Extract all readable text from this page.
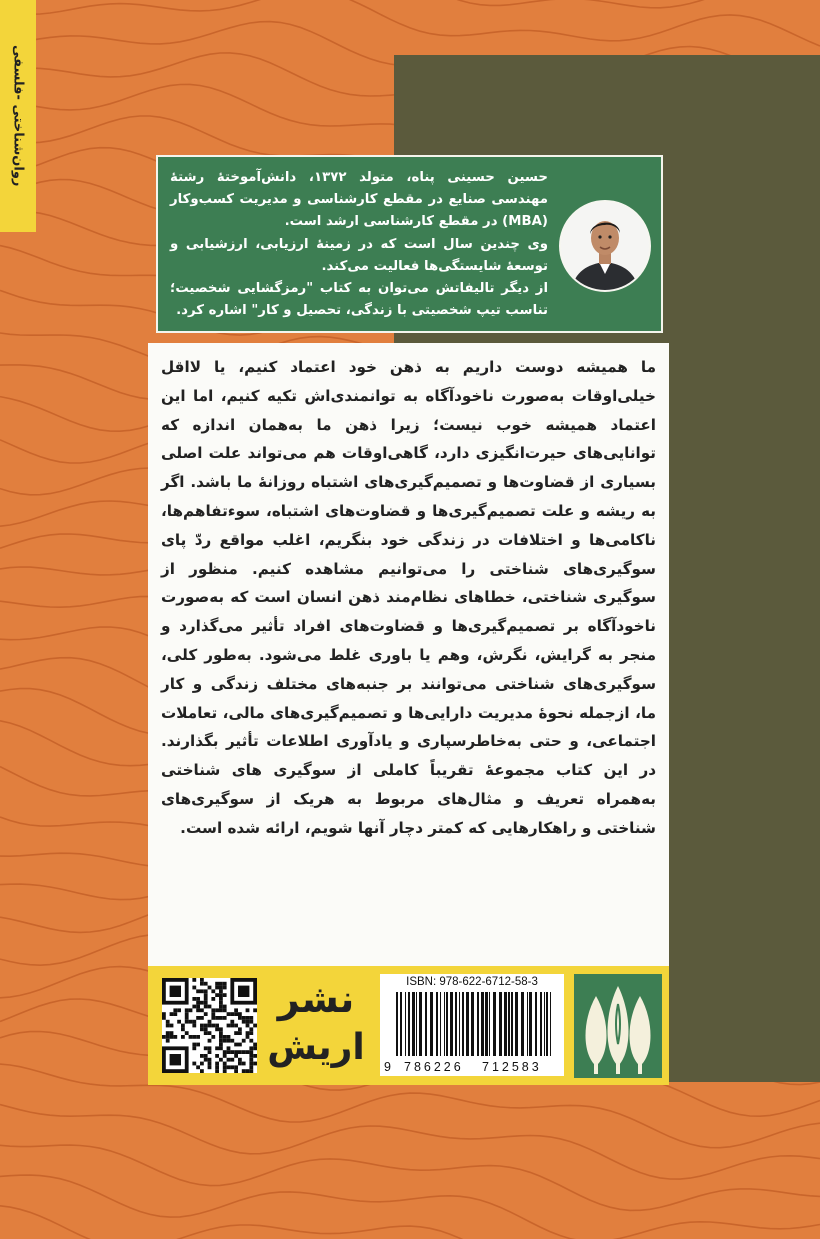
روان‌شناختی -فلسفی	حسین حسینی پناه، متولد ۱۳۷۲، دانش‌آموختهٔ رشتهٔ مهندسی صنایع در مقطع کارشناسی و مدیریت کسب‌وکار (MBA) در مقطع کارشناسی ارشد است.

وی چندین سال است که در زمینهٔ ارزیابی، ارزشیابی و توسعهٔ شایستگی‌ها فعالیت می‌کند.

از دیگر تالیفاتش می‌توان به کتاب "رمزگشایی شخصیت؛ تناسب تیپ شخصیتی با زندگی، تحصیل و کار" اشاره کرد.

ما همیشه دوست داریم به ذهن خود اعتماد کنیم، یا لااقل خیلی‌اوقات به‌صورت ناخودآگاه به توانمندی‌اش تکیه کنیم، اما این اعتماد همیشه خوب نیست؛ زیرا ذهن ما به‌همان اندازه که توانایی‌های حیرت‌انگیزی دارد، گاهی‌اوقات هم می‌تواند علت اصلی بسیاری از قضاوت‌ها و تصمیم‌گیری‌های اشتباه روزانهٔ ما باشد. اگر به ریشه و علت تصمیم‌گیری‌ها و قضاوت‌های اشتباه، سوءتفاهم‌ها، ناکامی‌ها و اختلافات در زندگی خود بنگریم، اغلب مواقع ردّ پای سوگیری‌های شناختی را می‌توانیم مشاهده کنیم. منظور از سوگیری شناختی، خطاهای نظام‌مند ذهن انسان است که به‌صورت ناخودآگاه بر تصمیم‌گیری‌ها و قضاوت‌های افراد تأثیر می‌گذارد و منجر به گرایش، نگرش، وهم یا باوری غلط می‌شود. به‌طور کلی، سوگیری‌های شناختی می‌توانند بر جنبه‌های مختلف زندگی و کار ما، ازجمله نحوهٔ مدیریت دارایی‌ها و تصمیم‌گیری‌های مالی، تعاملات اجتماعی، و حتی به‌خاطرسپاری و یادآوری اطلاعات تأثیر بگذارند. در این کتاب مجموعهٔ تقریباً کاملی از سوگیری های شناختی به‌همراه تعریف و مثال‌های مربوط به هریک از سوگیری‌های شناختی و راهکارهایی که کمتر دچار آنها شویم، ارائه شده است.

نشر
اریش
ISBN: 978-622-6712-58-3
9 786226 712583
